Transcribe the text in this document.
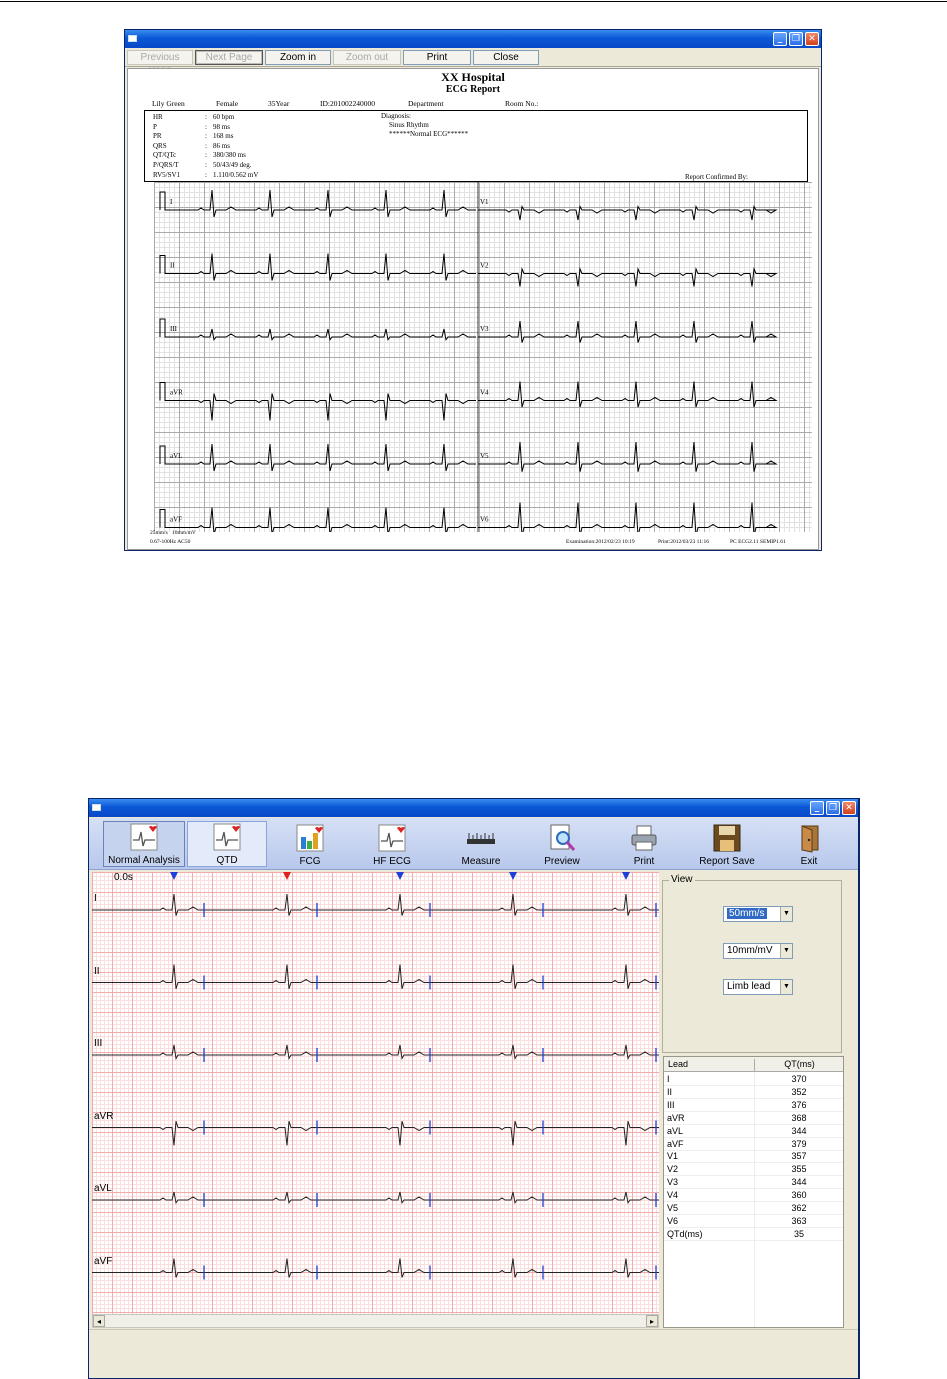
_

	❐

✕

Previous	Next Page	Zoom in	Zoom out	Print	Close
XX Hospital
ECG Report
Lily Green	Female	35Year	ID:201002240000	Department	Room No.:
HR	: 60 bpm
P	: 98 ms
PR	: 168 ms
QRS	: 86 ms
QT/QTc	: 380/380 ms
P/QRS/T	: 50/43/49 deg.
RV5/SV1	: 1.110/0.562 mV
Diagnosis:
Sinus Rhythm
******Normal ECG******
Report Confirmed By:
I
II
III
aVR
aVL
aVF
V1
V2
V3
V4
V5
V6
25mm/s 10mm/mV
0.67-100Hz AC50	Examination:2012/02/23 10:19	Print:2012/03/23 11:16	PC ECG2.11 SEMIP1.61

_

	❐

✕

Normal Analysis	QTD	FCG	HF ECG	Measure	Preview	Print	Report Save	Exit
0.0s
I
II
III
aVR
aVL
aVF
◂	▸
View
50mm/s	▼
10mm/mV	▼
Limb lead	▼
Lead	QT(ms)
I	370
II	352
III	376
aVR	368
aVL	344
aVF	379
V1	357
V2	355
V3	344
V4	360
V5	362
V6	363
QTd(ms)	35
